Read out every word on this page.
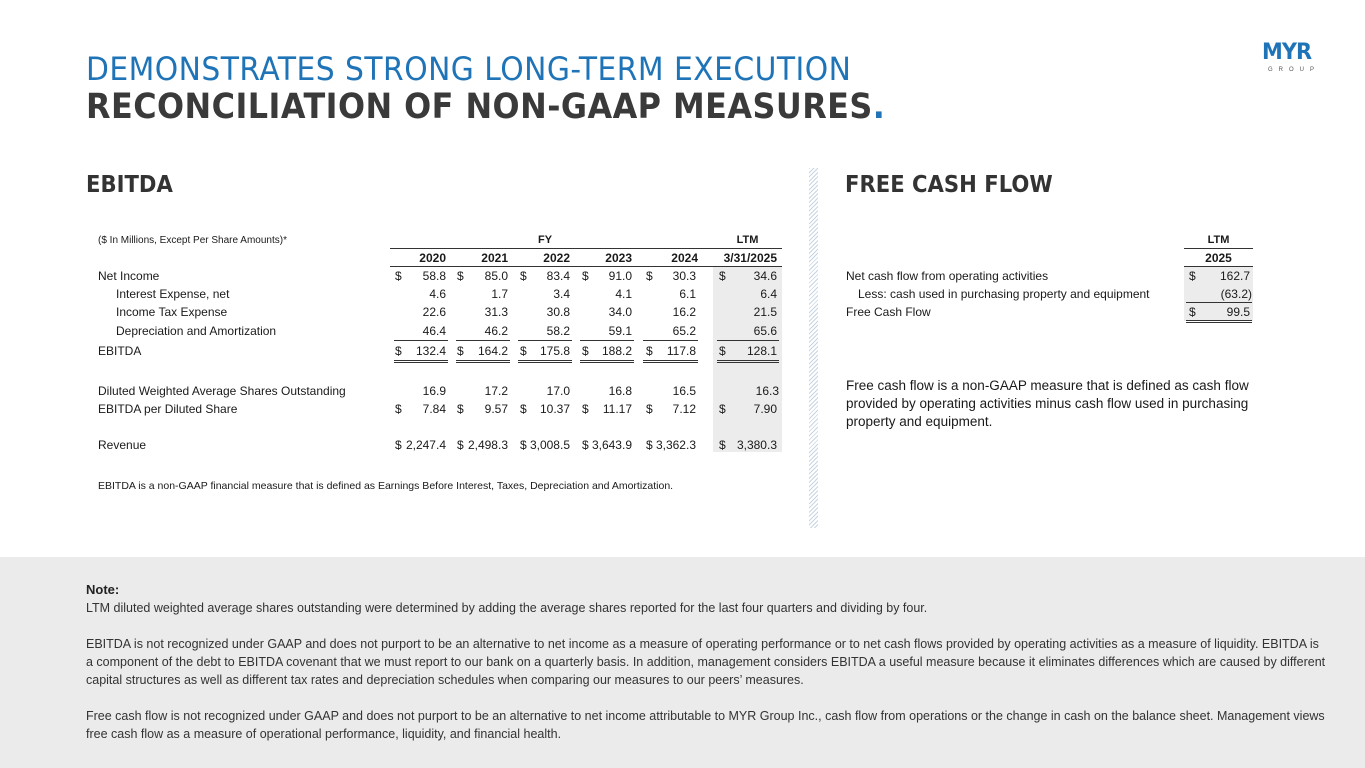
DEMONSTRATES STRONG LONG-TERM EXECUTION
RECONCILIATION OF NON-GAAP MEASURES.
MYR
GROUP
EBITDA	FREE CASH FLOW
($ In Millions, Except Per Share Amounts)*	FY	LTM
2020	2021	2022	2023	2024	3/31/2025
Net Income	$	58.8 $	85.0 $	83.4 $	91.0 $	30.3 $	34.6
Interest Expense, net	4.6	1.7	3.4	4.1	6.1	6.4
Income Tax Expense	22.6	31.3	30.8	34.0	16.2	21.5
Depreciation and Amortization	46.4	46.2	58.2	59.1	65.2	65.6
EBITDA	$	132.4 $	164.2 $	175.8 $	188.2 $	117.8 $	128.1
Diluted Weighted Average Shares Outstanding	16.9	17.2	17.0	16.8	16.5	16.3
EBITDA per Diluted Share	$	7.84 $	9.57 $	10.37 $	11.17 $	7.12 $	7.90
Revenue	$ 2,247.4 $ 2,498.3 $ 3,008.5 $ 3,643.9 $ 3,362.3 $ 3,380.3
EBITDA is a non-GAAP financial measure that is defined as Earnings Before Interest, Taxes, Depreciation and Amortization.
LTM
2025
Net cash flow from operating activities	$	162.7
Less: cash used in purchasing property and equipment	(63.2)
Free Cash Flow	$	99.5
Free cash flow is a non-GAAP measure that is defined as cash flow provided by operating activities minus cash flow used in purchasing property and equipment.

Note:

LTM diluted weighted average shares outstanding were determined by adding the average shares reported for the last four quarters and dividing by four.

EBITDA is not recognized under GAAP and does not purport to be an alternative to net income as a measure of operating performance or to net cash flows provided by operating activities as a measure of liquidity. EBITDA is a component of the debt to EBITDA covenant that we must report to our bank on a quarterly basis. In addition, management considers EBITDA a useful measure because it eliminates differences which are caused by different capital structures as well as different tax rates and depreciation schedules when comparing our measures to our peers’ measures.

Free cash flow is not recognized under GAAP and does not purport to be an alternative to net income attributable to MYR Group Inc., cash flow from operations or the change in cash on the balance sheet. Management views free cash flow as a measure of operational performance, liquidity, and financial health.
